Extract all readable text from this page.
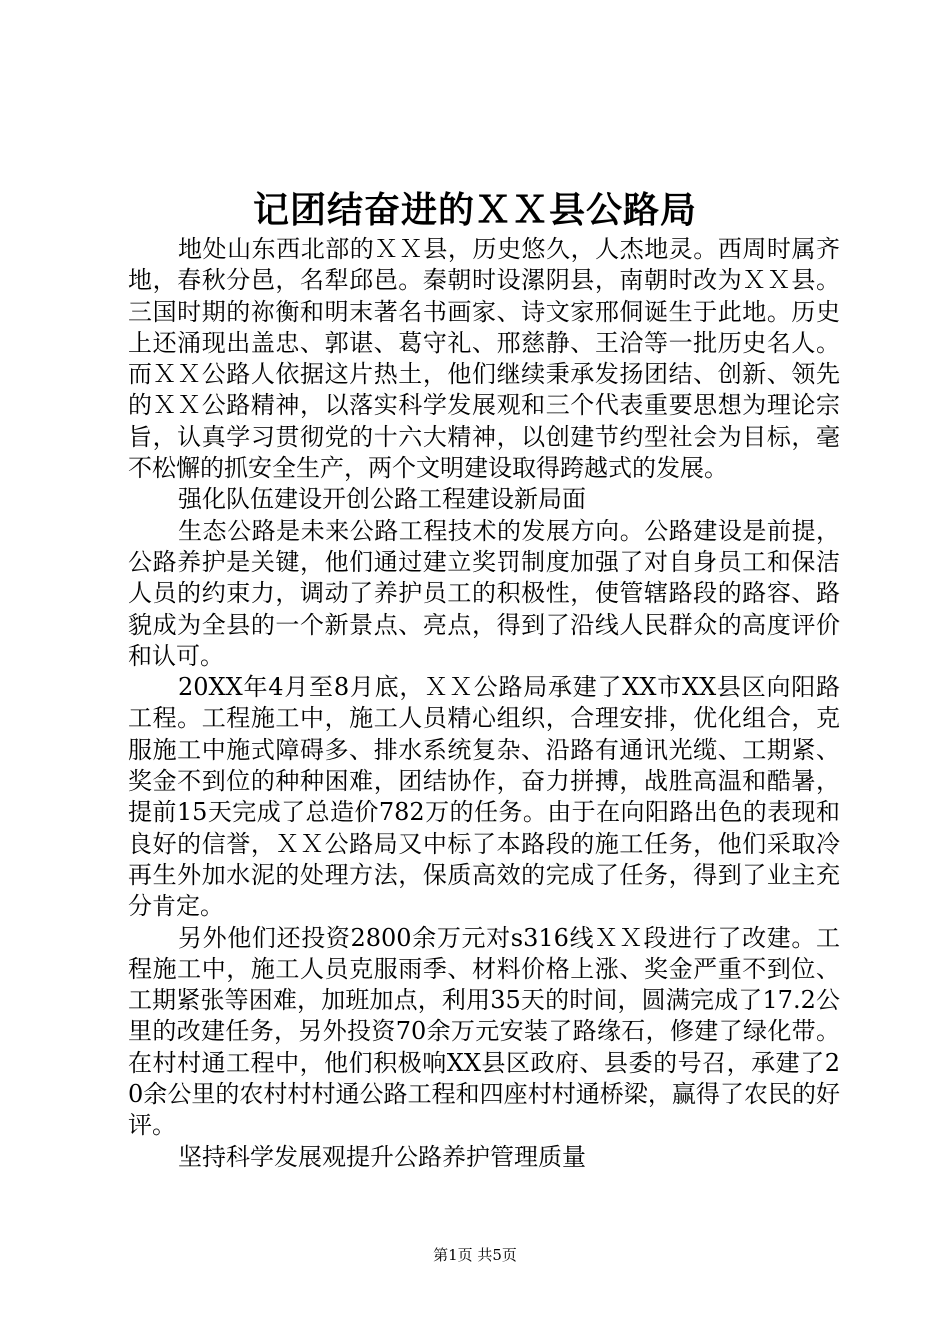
记团结奋进的ＸＸ县公路局

地处山东西北部的ＸＸ县，历史悠久，人杰地灵。西周时属齐地，春秋分邑，名犁邱邑。秦朝时设漯阴县，南朝时改为ＸＸ县。三国时期的祢衡和明末著名书画家、诗文家邢侗诞生于此地。历史上还涌现出盖忠、郭谌、葛守礼、邢慈静、王洽等一批历史名人。而ＸＸ公路人依据这片热土，他们继续秉承发扬团结、创新、领先的ＸＸ公路精神，以落实科学发展观和三个代表重要思想为理论宗旨，认真学习贯彻党的十六大精神，以创建节约型社会为目标，毫不松懈的抓安全生产，两个文明建设取得跨越式的发展。

强化队伍建设开创公路工程建设新局面

生态公路是未来公路工程技术的发展方向。公路建设是前提，公路养护是关键，他们通过建立奖罚制度加强了对自身员工和保洁人员的约束力，调动了养护员工的积极性，使管辖路段的路容、路貌成为全县的一个新景点、亮点，得到了沿线人民群众的高度评价和认可。

20XX年4月至8月底，ＸＸ公路局承建了XX市XX县区向阳路工程。工程施工中，施工人员精心组织，合理安排，优化组合，克服施工中施式障碍多、排水系统复杂、沿路有通讯光缆、工期紧、奖金不到位的种种困难，团结协作，奋力拼搏，战胜高温和酷暑，提前15天完成了总造价782万的任务。由于在向阳路出色的表现和良好的信誉，ＸＸ公路局又中标了本路段的施工任务，他们采取冷再生外加水泥的处理方法，保质高效的完成了任务，得到了业主充分肯定。

另外他们还投资2800余万元对s316线ＸＸ段进行了改建。工程施工中，施工人员克服雨季、材料价格上涨、奖金严重不到位、工期紧张等困难，加班加点，利用35天的时间，圆满完成了17.2公里的改建任务，另外投资70余万元安装了路缘石，修建了绿化带。在村村通工程中，他们积极响XX县区政府、县委的号召，承建了20余公里的农村村村通公路工程和四座村村通桥梁，赢得了农民的好评。

坚持科学发展观提升公路养护管理质量

第1页 共5页
